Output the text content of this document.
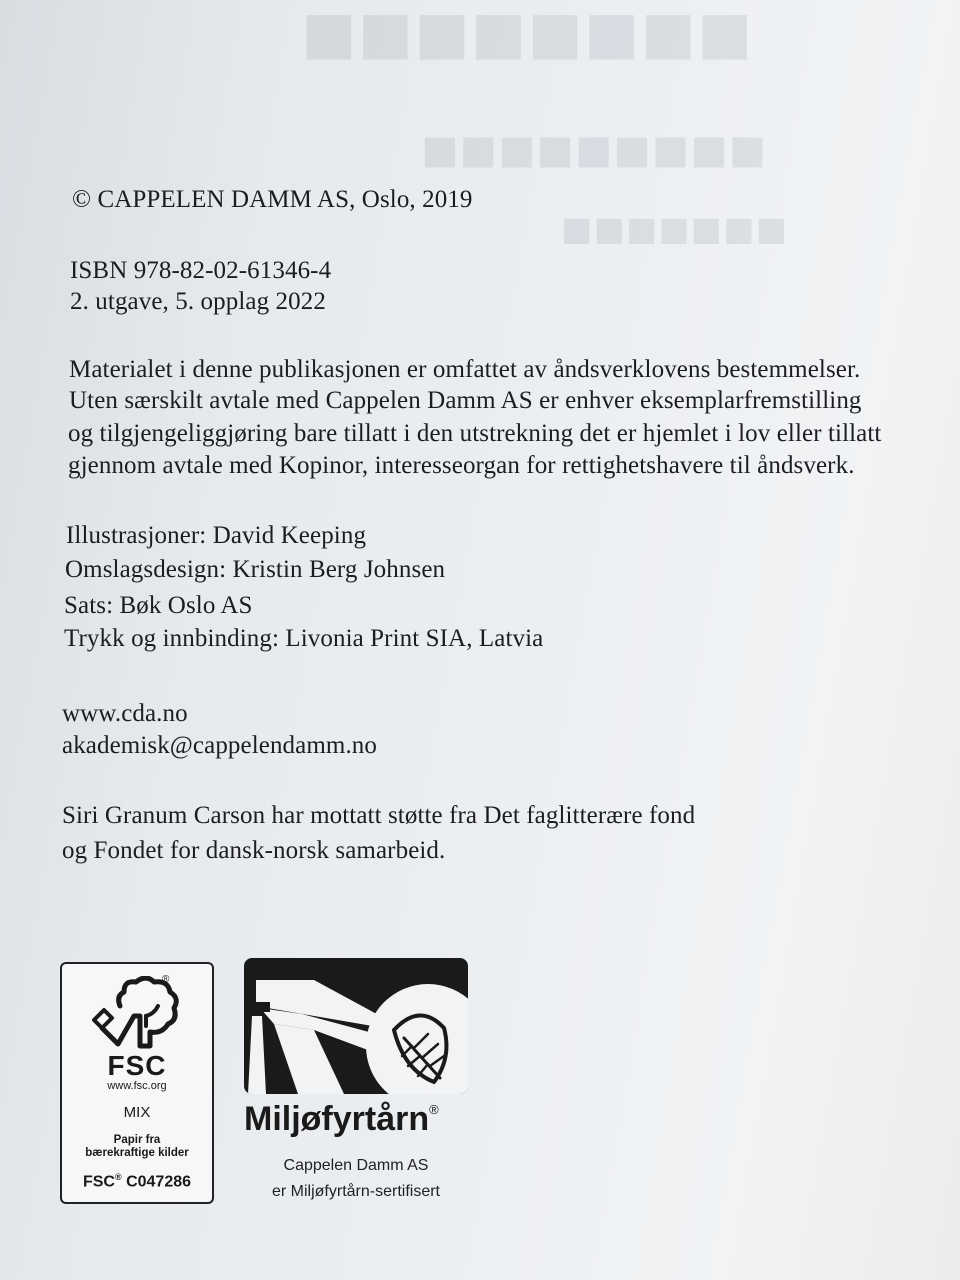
■■■■■■■■
■■■■■■■■■
■■■■■■■
© CAPPELEN DAMM AS, Oslo, 2019
ISBN 978-82-02-61346-4
2. utgave, 5. opplag 2022
Materialet i denne publikasjonen er omfattet av åndsverklovens bestemmelser.
Uten særskilt avtale med Cappelen Damm AS er enhver eksemplarfremstilling
og tilgjengeliggjøring bare tillatt i den utstrekning det er hjemlet i lov eller tillatt
gjennom avtale med Kopinor, interesseorgan for rettighetshavere til åndsverk.
Illustrasjoner: David Keeping
Omslagsdesign: Kristin Berg Johnsen
Sats: Bøk Oslo AS
Trykk og innbinding: Livonia Print SIA, Latvia
www.cda.no
akademisk@cappelendamm.no
Siri Granum Carson har mottatt støtte fra Det faglitterære fond
og Fondet for dansk-norsk samarbeid.
®
FSC
www.fsc.org
MIX
Papir fra
bærekraftige kilder
FSC® C047286
Miljøfyrtårn®
Cappelen Damm AS
er Miljøfyrtårn-sertifisert
